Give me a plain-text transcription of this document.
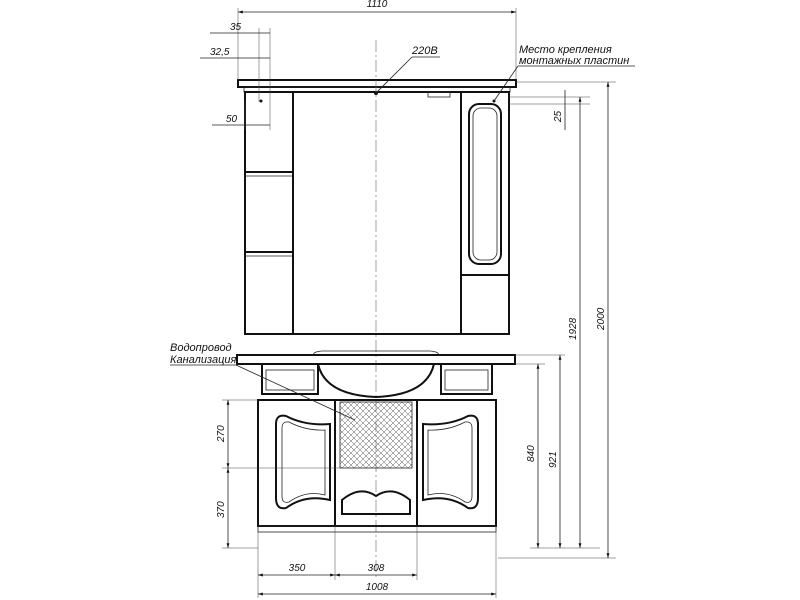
1110
35
32,5
50	25
1928 2000
921
840
270
370
350	308
1008
220В	Место крепления
монтажных пластин
Водопровод
Канализация
